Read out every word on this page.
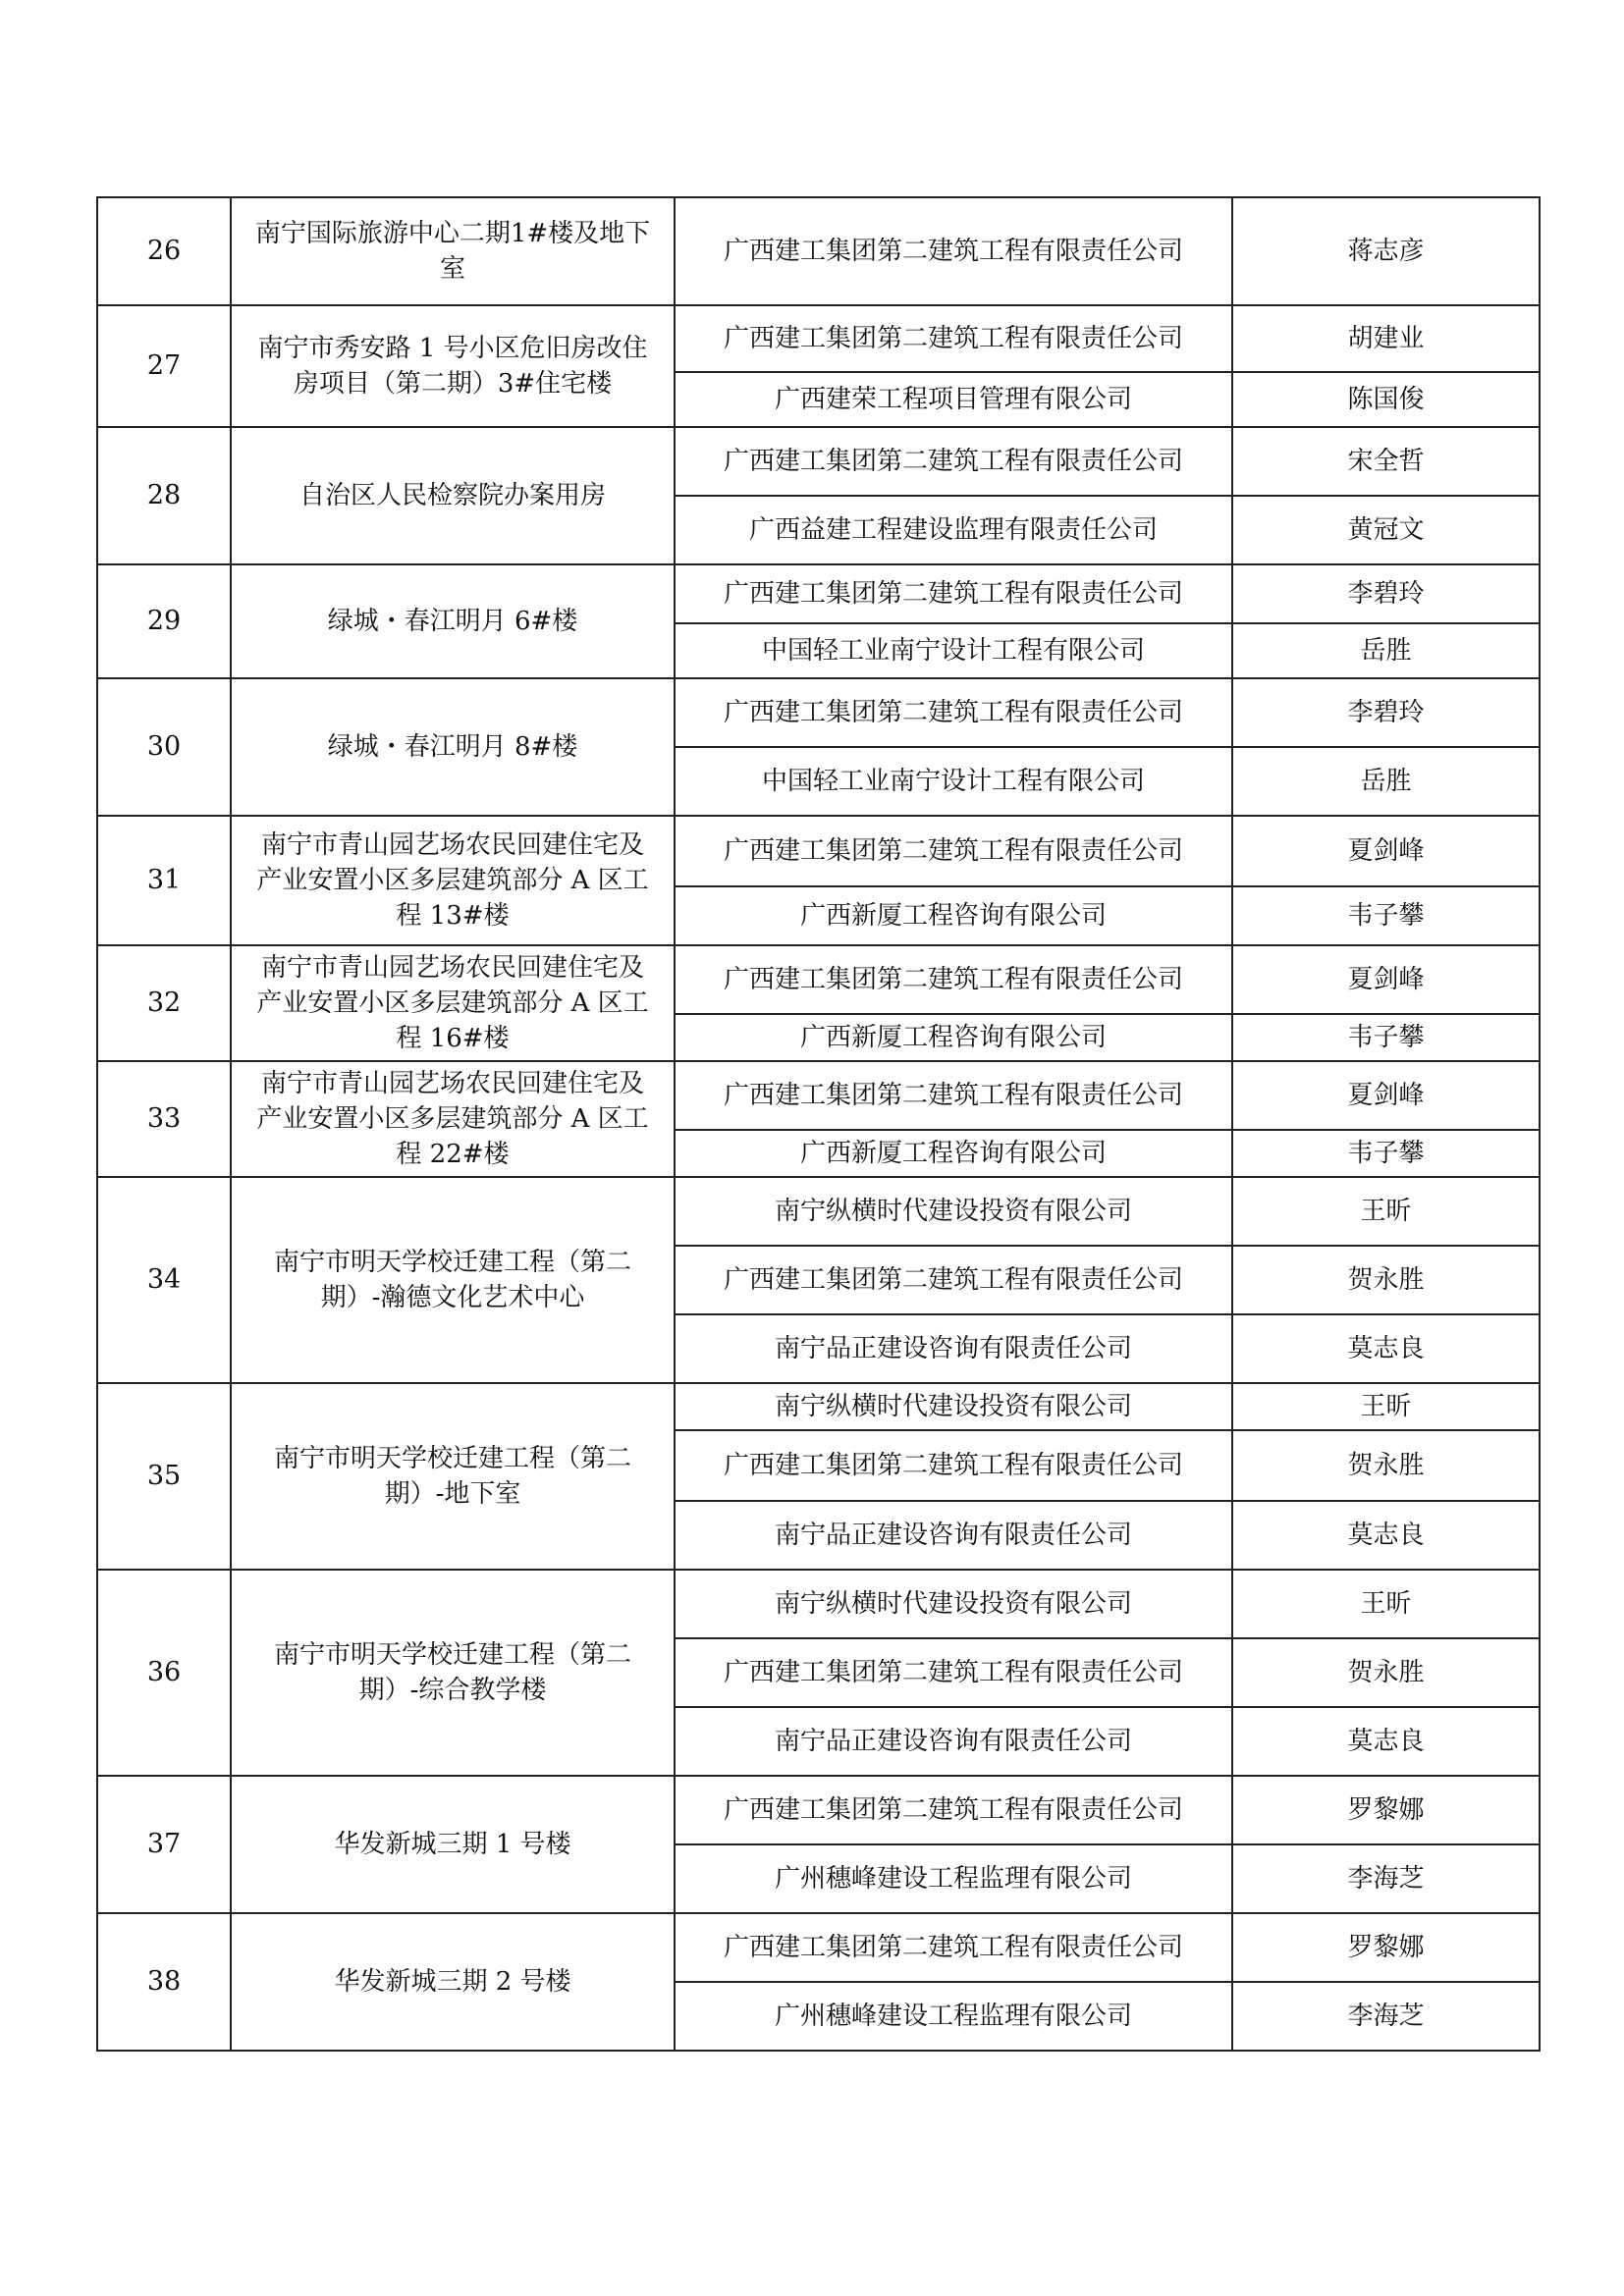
26	南宁国际旅游中心二期1#楼及地下室	广西建工集团第二建筑工程有限责任公司	蒋志彦
27	南宁市秀安路 1 号小区危旧房改住房项目（第二期）3#住宅楼	广西建工集团第二建筑工程有限责任公司	胡建业
		广西建荣工程项目管理有限公司	陈国俊
28	自治区人民检察院办案用房	广西建工集团第二建筑工程有限责任公司	宋全哲
		广西益建工程建设监理有限责任公司	黄冠文
29	绿城・春江明月 6#楼	广西建工集团第二建筑工程有限责任公司	李碧玲
		中国轻工业南宁设计工程有限公司	岳胜
30	绿城・春江明月 8#楼	广西建工集团第二建筑工程有限责任公司	李碧玲
		中国轻工业南宁设计工程有限公司	岳胜
31	南宁市青山园艺场农民回建住宅及产业安置小区多层建筑部分 A 区工程 13#楼	广西建工集团第二建筑工程有限责任公司	夏剑峰
		广西新厦工程咨询有限公司	韦子攀
32	南宁市青山园艺场农民回建住宅及产业安置小区多层建筑部分 A 区工程 16#楼	广西建工集团第二建筑工程有限责任公司	夏剑峰
		广西新厦工程咨询有限公司	韦子攀
33	南宁市青山园艺场农民回建住宅及产业安置小区多层建筑部分 A 区工程 22#楼	广西建工集团第二建筑工程有限责任公司	夏剑峰
		广西新厦工程咨询有限公司	韦子攀
34	南宁市明天学校迁建工程（第二期）-瀚德文化艺术中心	南宁纵横时代建设投资有限公司	王昕
		广西建工集团第二建筑工程有限责任公司	贺永胜
		南宁品正建设咨询有限责任公司	莫志良
35	南宁市明天学校迁建工程（第二期）-地下室	南宁纵横时代建设投资有限公司	王昕
		广西建工集团第二建筑工程有限责任公司	贺永胜
		南宁品正建设咨询有限责任公司	莫志良
36	南宁市明天学校迁建工程（第二期）-综合教学楼	南宁纵横时代建设投资有限公司	王昕
		广西建工集团第二建筑工程有限责任公司	贺永胜
		南宁品正建设咨询有限责任公司	莫志良
37	华发新城三期 1 号楼	广西建工集团第二建筑工程有限责任公司	罗黎娜
		广州穗峰建设工程监理有限公司	李海芝
38	华发新城三期 2 号楼	广西建工集团第二建筑工程有限责任公司	罗黎娜
		广州穗峰建设工程监理有限公司	李海芝
